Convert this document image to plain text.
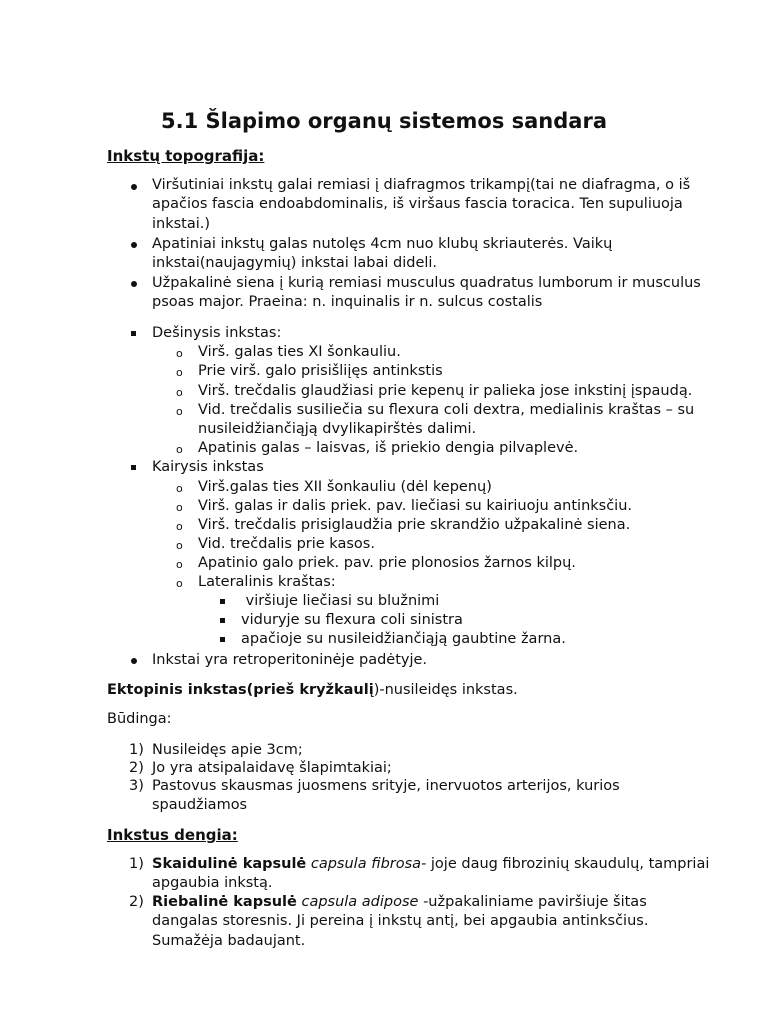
5.1 Šlapimo organų sistemos sandara
Inkstų topografija:
Viršutiniai inkstų galai remiasi į diafragmos trikampį(tai ne diafragma, o iš apačios fascia endoabdominalis, iš viršaus fascia toracica. Ten supuliuoja inkstai.)
Apatiniai inkstų galas nutolęs 4cm nuo klubų skriauterės. Vaikų inkstai(naujagymių) inkstai labai dideli.
Užpakalinė siena į kurią remiasi musculus quadratus lumborum ir musculus psoas major. Praeina: n. inquinalis ir n. sulcus costalis
Dešinysis inkstas:
o Virš. galas ties XI šonkauliu.
o Prie virš. galo prisišliįęs antinkstis
o Virš. trečdalis glaudžiasi prie kepenų ir palieka jose inkstinį įspaudą.
o Vid. trečdalis susiliečia su flexura coli dextra, medialinis kraštas – su nusileidžiančiąją dvylikapirštės dalimi.
o Apatinis galas – laisvas, iš priekio dengia pilvaplevė.
Kairysis inkstas
o Virš.galas ties XII šonkauliu (dėl kepenų)
o Virš. galas ir dalis priek. pav. liečiasi su kairiuoju antinksčiu.
o Virš. trečdalis prisiglaudžia prie skrandžio užpakalinė siena.
o Vid. trečdalis prie kasos.
o Apatinio galo priek. pav. prie plonosios žarnos kilpų.
o Lateralinis kraštas:
viršiuje liečiasi su blužnimi
viduryje su flexura coli sinistra
apačioje su nusileidžiančiąją gaubtine žarna.
Inkstai yra retroperitoninėje padėtyje.
Ektopinis inkstas(prieš kryžkaulį)-nusileidęs inkstas.
Būdinga:
1) Nusileidęs apie 3cm;
2) Jo yra atsipalaidavę šlapimtakiai;
3) Pastovus skausmas juosmens srityje, inervuotos arterijos, kurios spaudžiamos
Inkstus dengia:
1) Skaidulinė kapsulė capsula fibrosa- joje daug fibrozinių skaudulų, tampriai apgaubia inkstą.
2) Riebalinė kapsulė capsula adipose -užpakaliniame paviršiuje šitas dangalas storesnis. Ji pereina į inkstų antį, bei apgaubia antinksčius. Sumažėja badaujant.
